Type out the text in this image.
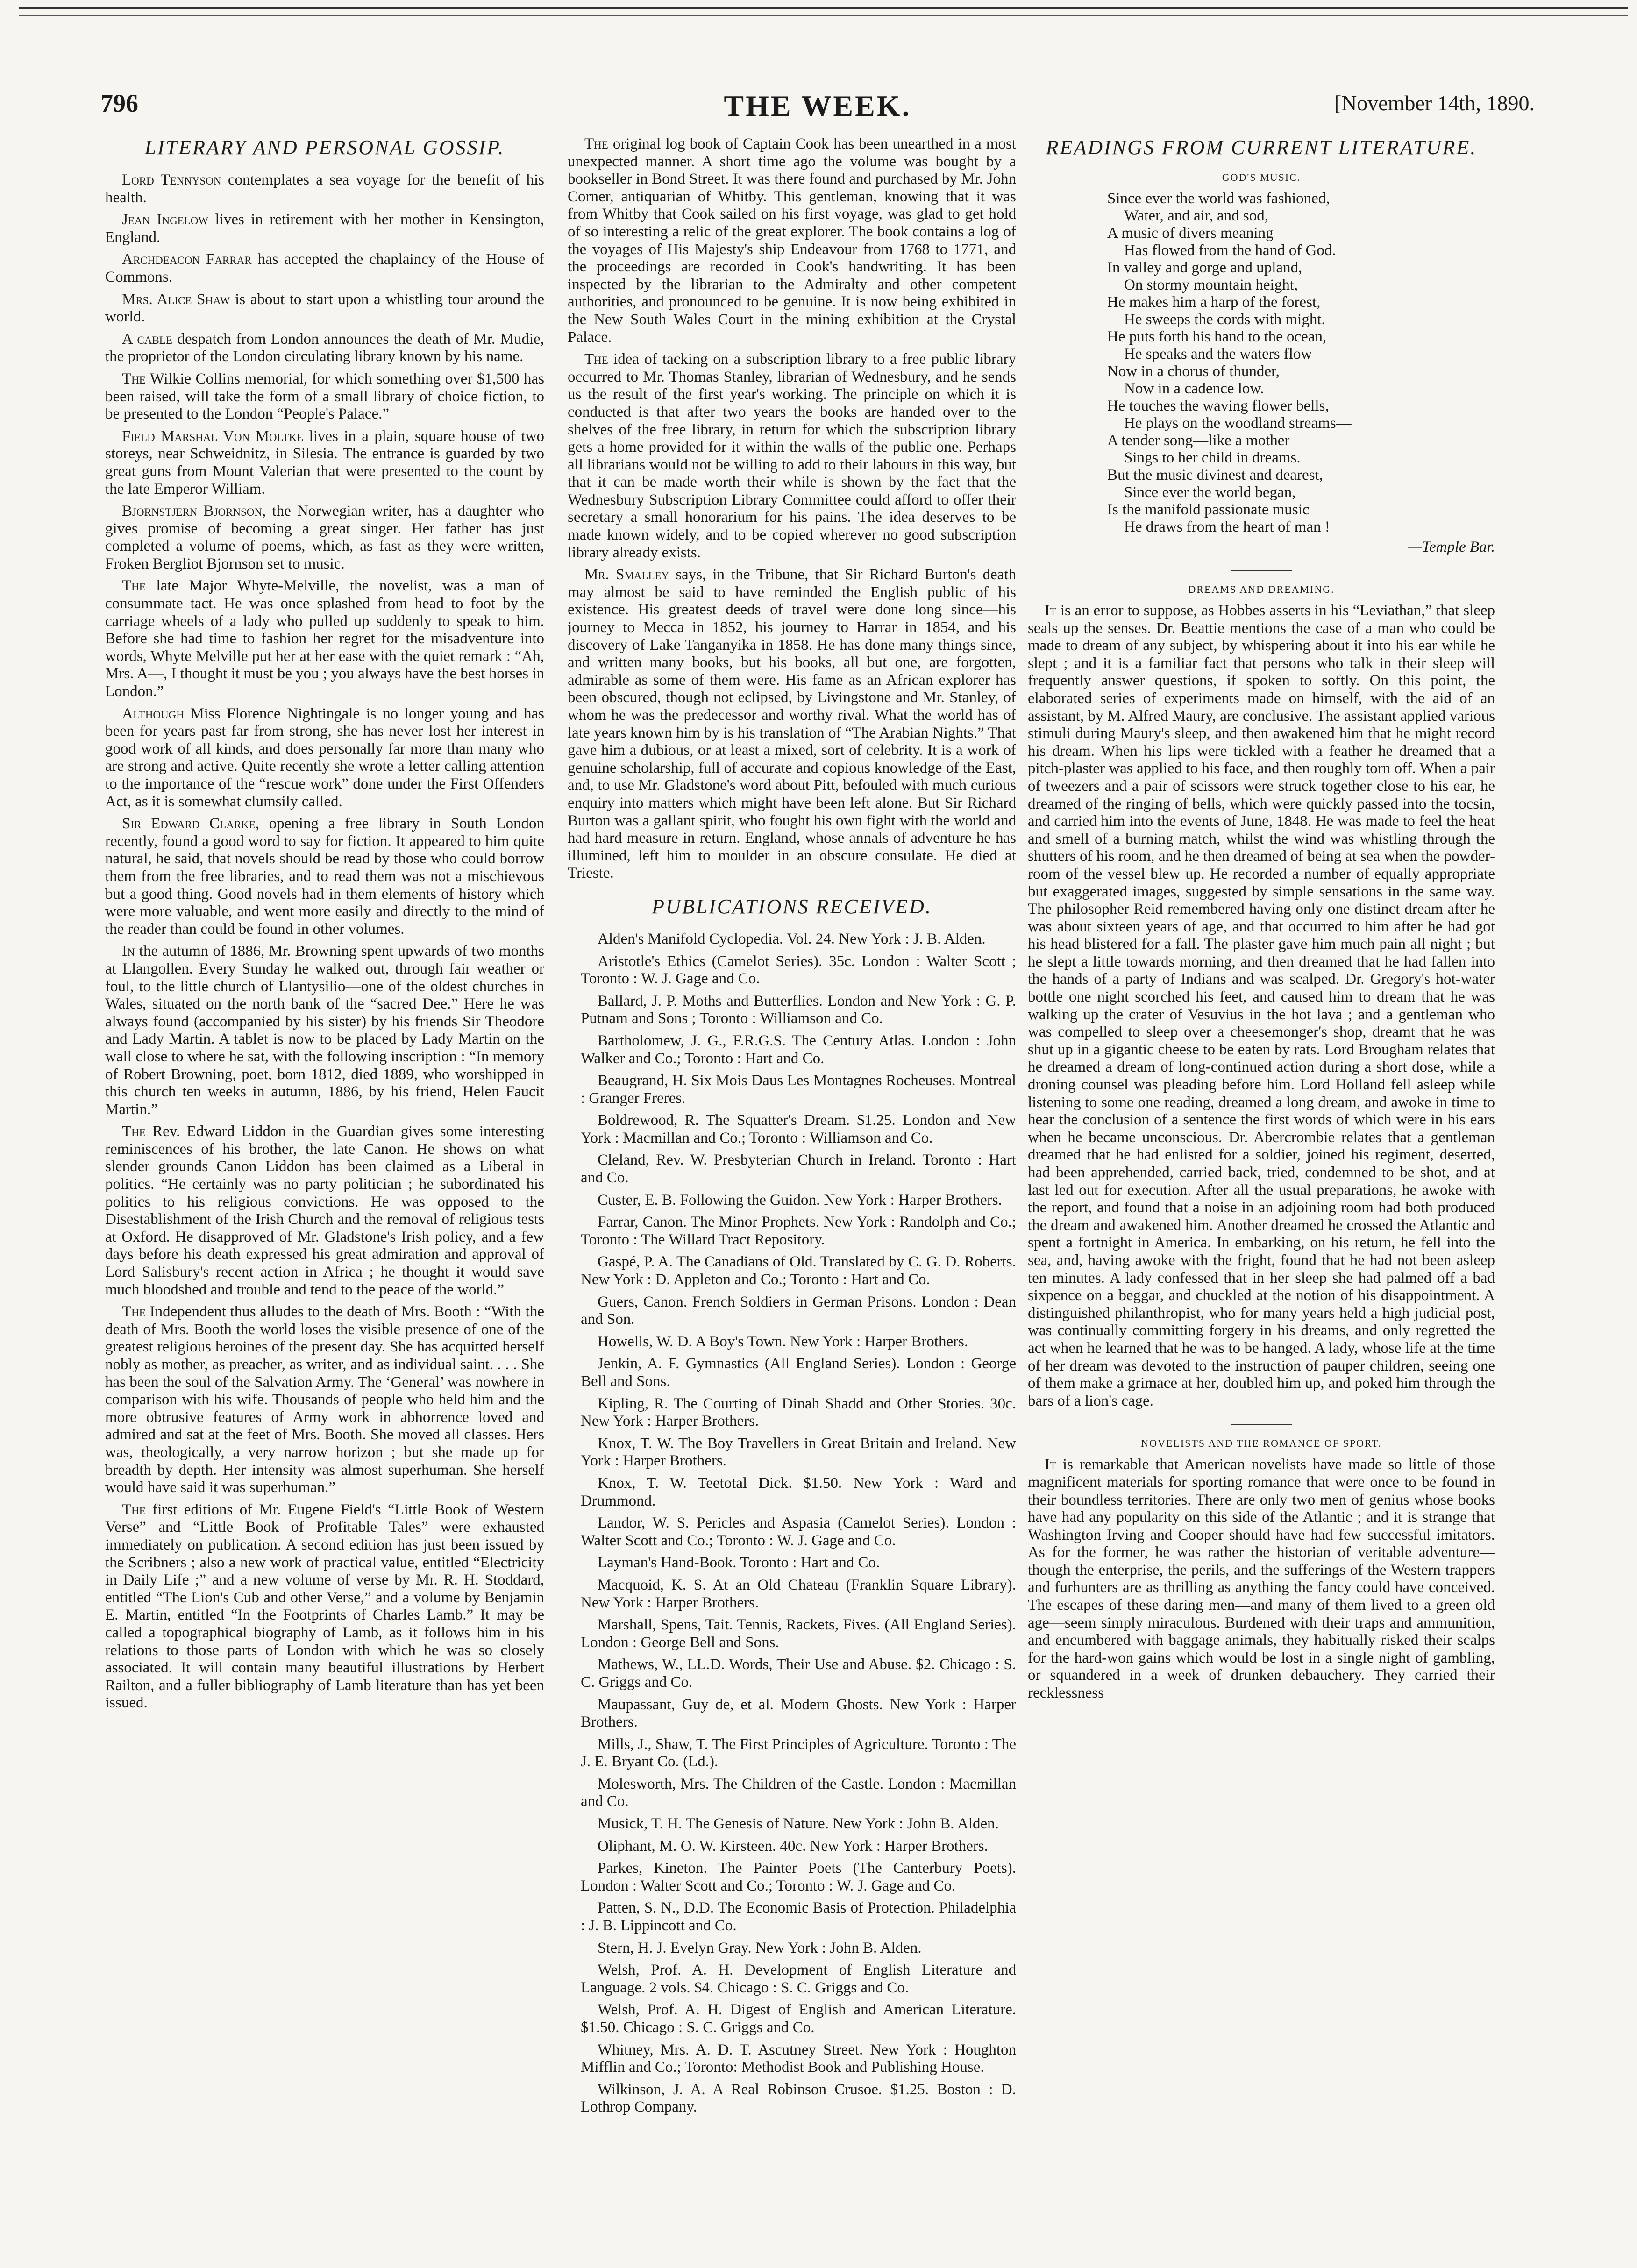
796	THE WEEK.	[November 14th, 1890.
LITERARY AND PERSONAL GOSSIP.

Lord Tennyson contemplates a sea voyage for the benefit of his health.

Jean Ingelow lives in retirement with her mother in Kensington, England.

Archdeacon Farrar has accepted the chaplaincy of the House of Commons.

Mrs. Alice Shaw is about to start upon a whistling tour around the world.

A cable despatch from London announces the death of Mr. Mudie, the proprietor of the London circulating library known by his name.

The Wilkie Collins memorial, for which something over $1,500 has been raised, will take the form of a small library of choice fiction, to be presented to the London “People's Palace.”

Field Marshal Von Moltke lives in a plain, square house of two storeys, near Schweidnitz, in Silesia. The entrance is guarded by two great guns from Mount Valerian that were presented to the count by the late Emperor William.

Bjornstjern Bjornson, the Norwegian writer, has a daughter who gives promise of becoming a great singer. Her father has just completed a volume of poems, which, as fast as they were written, Froken Bergliot Bjornson set to music.

The late Major Whyte-Melville, the novelist, was a man of consummate tact. He was once splashed from head to foot by the carriage wheels of a lady who pulled up suddenly to speak to him. Before she had time to fashion her regret for the misadventure into words, Whyte Melville put her at her ease with the quiet remark : “Ah, Mrs. A—, I thought it must be you ; you always have the best horses in London.”

Although Miss Florence Nightingale is no longer young and has been for years past far from strong, she has never lost her interest in good work of all kinds, and does personally far more than many who are strong and active. Quite recently she wrote a letter calling attention to the importance of the “rescue work” done under the First Offenders Act, as it is somewhat clumsily called.

Sir Edward Clarke, opening a free library in South London recently, found a good word to say for fiction. It appeared to him quite natural, he said, that novels should be read by those who could borrow them from the free libraries, and to read them was not a mischievous but a good thing. Good novels had in them elements of history which were more valuable, and went more easily and directly to the mind of the reader than could be found in other volumes.

In the autumn of 1886, Mr. Browning spent upwards of two months at Llangollen. Every Sunday he walked out, through fair weather or foul, to the little church of Llantysilio—one of the oldest churches in Wales, situated on the north bank of the “sacred Dee.” Here he was always found (accompanied by his sister) by his friends Sir Theodore and Lady Martin. A tablet is now to be placed by Lady Martin on the wall close to where he sat, with the following inscription : “In memory of Robert Browning, poet, born 1812, died 1889, who worshipped in this church ten weeks in autumn, 1886, by his friend, Helen Faucit Martin.”

The Rev. Edward Liddon in the Guardian gives some interesting reminiscences of his brother, the late Canon. He shows on what slender grounds Canon Liddon has been claimed as a Liberal in politics. “He certainly was no party politician ; he subordinated his politics to his religious convictions. He was opposed to the Disestablishment of the Irish Church and the removal of religious tests at Oxford. He disapproved of Mr. Gladstone's Irish policy, and a few days before his death expressed his great admiration and approval of Lord Salisbury's recent action in Africa ; he thought it would save much bloodshed and trouble and tend to the peace of the world.”

The Independent thus alludes to the death of Mrs. Booth : “With the death of Mrs. Booth the world loses the visible presence of one of the greatest religious heroines of the present day. She has acquitted herself nobly as mother, as preacher, as writer, and as individual saint. . . . She has been the soul of the Salvation Army. The ‘General’ was nowhere in comparison with his wife. Thousands of people who held him and the more obtrusive features of Army work in abhorrence loved and admired and sat at the feet of Mrs. Booth. She moved all classes. Hers was, theologically, a very narrow horizon ; but she made up for breadth by depth. Her intensity was almost superhuman. She herself would have said it was superhuman.”

The first editions of Mr. Eugene Field's “Little Book of Western Verse” and “Little Book of Profitable Tales” were exhausted immediately on publication. A second edition has just been issued by the Scribners ; also a new work of practical value, entitled “Electricity in Daily Life ;” and a new volume of verse by Mr. R. H. Stoddard, entitled “The Lion's Cub and other Verse,” and a volume by Benjamin E. Martin, entitled “In the Footprints of Charles Lamb.” It may be called a topographical biography of Lamb, as it follows him in his relations to those parts of London with which he was so closely associated. It will contain many beautiful illustrations by Herbert Railton, and a fuller bibliography of Lamb literature than has yet been issued.

The original log book of Captain Cook has been unearthed in a most unexpected manner. A short time ago the volume was bought by a bookseller in Bond Street. It was there found and purchased by Mr. John Corner, antiquarian of Whitby. This gentleman, knowing that it was from Whitby that Cook sailed on his first voyage, was glad to get hold of so interesting a relic of the great explorer. The book contains a log of the voyages of His Majesty's ship Endeavour from 1768 to 1771, and the proceedings are recorded in Cook's handwriting. It has been inspected by the librarian to the Admiralty and other competent authorities, and pronounced to be genuine. It is now being exhibited in the New South Wales Court in the mining exhibition at the Crystal Palace.

The idea of tacking on a subscription library to a free public library occurred to Mr. Thomas Stanley, librarian of Wednesbury, and he sends us the result of the first year's working. The principle on which it is conducted is that after two years the books are handed over to the shelves of the free library, in return for which the subscription library gets a home provided for it within the walls of the public one. Perhaps all librarians would not be willing to add to their labours in this way, but that it can be made worth their while is shown by the fact that the Wednesbury Subscription Library Committee could afford to offer their secretary a small honorarium for his pains. The idea deserves to be made known widely, and to be copied wherever no good subscription library already exists.

Mr. Smalley says, in the Tribune, that Sir Richard Burton's death may almost be said to have reminded the English public of his existence. His greatest deeds of travel were done long since—his journey to Mecca in 1852, his journey to Harrar in 1854, and his discovery of Lake Tanganyika in 1858. He has done many things since, and written many books, but his books, all but one, are forgotten, admirable as some of them were. His fame as an African explorer has been obscured, though not eclipsed, by Livingstone and Mr. Stanley, of whom he was the predecessor and worthy rival. What the world has of late years known him by is his translation of “The Arabian Nights.” That gave him a dubious, or at least a mixed, sort of celebrity. It is a work of genuine scholarship, full of accurate and copious knowledge of the East, and, to use Mr. Gladstone's word about Pitt, befouled with much curious enquiry into matters which might have been left alone. But Sir Richard Burton was a gallant spirit, who fought his own fight with the world and had hard measure in return. England, whose annals of adventure he has illumined, left him to moulder in an obscure consulate. He died at Trieste.

PUBLICATIONS RECEIVED.

Alden's Manifold Cyclopedia. Vol. 24. New York : J. B. Alden.

Aristotle's Ethics (Camelot Series). 35c. London : Walter Scott ; Toronto : W. J. Gage and Co.

Ballard, J. P. Moths and Butterflies. London and New York : G. P. Putnam and Sons ; Toronto : Williamson and Co.

Bartholomew, J. G., F.R.G.S. The Century Atlas. London : John Walker and Co.; Toronto : Hart and Co.

Beaugrand, H. Six Mois Daus Les Montagnes Rocheuses. Montreal : Granger Freres.

Boldrewood, R. The Squatter's Dream. $1.25. London and New York : Macmillan and Co.; Toronto : Williamson and Co.

Cleland, Rev. W. Presbyterian Church in Ireland. Toronto : Hart and Co.

Custer, E. B. Following the Guidon. New York : Harper Brothers.

Farrar, Canon. The Minor Prophets. New York : Randolph and Co.; Toronto : The Willard Tract Repository.

Gaspé, P. A. The Canadians of Old. Translated by C. G. D. Roberts. New York : D. Appleton and Co.; Toronto : Hart and Co.

Guers, Canon. French Soldiers in German Prisons. London : Dean and Son.

Howells, W. D. A Boy's Town. New York : Harper Brothers.

Jenkin, A. F. Gymnastics (All England Series). London : George Bell and Sons.

Kipling, R. The Courting of Dinah Shadd and Other Stories. 30c. New York : Harper Brothers.

Knox, T. W. The Boy Travellers in Great Britain and Ireland. New York : Harper Brothers.

Knox, T. W. Teetotal Dick. $1.50. New York : Ward and Drummond.

Landor, W. S. Pericles and Aspasia (Camelot Series). London : Walter Scott and Co.; Toronto : W. J. Gage and Co.

Layman's Hand-Book. Toronto : Hart and Co.

Macquoid, K. S. At an Old Chateau (Franklin Square Library). New York : Harper Brothers.

Marshall, Spens, Tait. Tennis, Rackets, Fives. (All England Series). London : George Bell and Sons.

Mathews, W., LL.D. Words, Their Use and Abuse. $2. Chicago : S. C. Griggs and Co.

Maupassant, Guy de, et al. Modern Ghosts. New York : Harper Brothers.

Mills, J., Shaw, T. The First Principles of Agriculture. Toronto : The J. E. Bryant Co. (Ld.).

Molesworth, Mrs. The Children of the Castle. London : Macmillan and Co.

Musick, T. H. The Genesis of Nature. New York : John B. Alden.

Oliphant, M. O. W. Kirsteen. 40c. New York : Harper Brothers.

Parkes, Kineton. The Painter Poets (The Canterbury Poets). London : Walter Scott and Co.; Toronto : W. J. Gage and Co.

Patten, S. N., D.D. The Economic Basis of Protection. Philadelphia : J. B. Lippincott and Co.

Stern, H. J. Evelyn Gray. New York : John B. Alden.

Welsh, Prof. A. H. Development of English Literature and Language. 2 vols. $4. Chicago : S. C. Griggs and Co.

Welsh, Prof. A. H. Digest of English and American Literature. $1.50. Chicago : S. C. Griggs and Co.

Whitney, Mrs. A. D. T. Ascutney Street. New York : Houghton Mifflin and Co.; Toronto: Methodist Book and Publishing House.

Wilkinson, J. A. A Real Robinson Crusoe. $1.25. Boston : D. Lothrop Company.

READINGS FROM CURRENT LITERATURE.
GOD'S MUSIC.
Since ever the world was fashioned,
Water, and air, and sod,
A music of divers meaning
Has flowed from the hand of God.
In valley and gorge and upland,
On stormy mountain height,
He makes him a harp of the forest,
He sweeps the cords with might.
He puts forth his hand to the ocean,
He speaks and the waters flow—
Now in a chorus of thunder,
Now in a cadence low.
He touches the waving flower bells,
He plays on the woodland streams—
A tender song—like a mother
Sings to her child in dreams.
But the music divinest and dearest,
Since ever the world began,
Is the manifold passionate music
He draws from the heart of man !
—Temple Bar.
DREAMS AND DREAMING.

It is an error to suppose, as Hobbes asserts in his “Leviathan,” that sleep seals up the senses. Dr. Beattie mentions the case of a man who could be made to dream of any subject, by whispering about it into his ear while he slept ; and it is a familiar fact that persons who talk in their sleep will frequently answer questions, if spoken to softly. On this point, the elaborated series of experiments made on himself, with the aid of an assistant, by M. Alfred Maury, are conclusive. The assistant applied various stimuli during Maury's sleep, and then awakened him that he might record his dream. When his lips were tickled with a feather he dreamed that a pitch-plaster was applied to his face, and then roughly torn off. When a pair of tweezers and a pair of scissors were struck together close to his ear, he dreamed of the ringing of bells, which were quickly passed into the tocsin, and carried him into the events of June, 1848. He was made to feel the heat and smell of a burning match, whilst the wind was whistling through the shutters of his room, and he then dreamed of being at sea when the powder-room of the vessel blew up. He recorded a number of equally appropriate but exaggerated images, suggested by simple sensations in the same way. The philosopher Reid remembered having only one distinct dream after he was about sixteen years of age, and that occurred to him after he had got his head blistered for a fall. The plaster gave him much pain all night ; but he slept a little towards morning, and then dreamed that he had fallen into the hands of a party of Indians and was scalped. Dr. Gregory's hot-water bottle one night scorched his feet, and caused him to dream that he was walking up the crater of Vesuvius in the hot lava ; and a gentleman who was compelled to sleep over a cheesemonger's shop, dreamt that he was shut up in a gigantic cheese to be eaten by rats. Lord Brougham relates that he dreamed a dream of long-continued action during a short dose, while a droning counsel was pleading before him. Lord Holland fell asleep while listening to some one reading, dreamed a long dream, and awoke in time to hear the conclusion of a sentence the first words of which were in his ears when he became unconscious. Dr. Abercrombie relates that a gentleman dreamed that he had enlisted for a soldier, joined his regiment, deserted, had been apprehended, carried back, tried, condemned to be shot, and at last led out for execution. After all the usual preparations, he awoke with the report, and found that a noise in an adjoining room had both produced the dream and awakened him. Another dreamed he crossed the Atlantic and spent a fortnight in America. In embarking, on his return, he fell into the sea, and, having awoke with the fright, found that he had not been asleep ten minutes. A lady confessed that in her sleep she had palmed off a bad sixpence on a beggar, and chuckled at the notion of his disappointment. A distinguished philanthropist, who for many years held a high judicial post, was continually committing forgery in his dreams, and only regretted the act when he learned that he was to be hanged. A lady, whose life at the time of her dream was devoted to the instruction of pauper children, seeing one of them make a grimace at her, doubled him up, and poked him through the bars of a lion's cage.

NOVELISTS AND THE ROMANCE OF SPORT.

It is remarkable that American novelists have made so little of those magnificent materials for sporting romance that were once to be found in their boundless territories. There are only two men of genius whose books have had any popularity on this side of the Atlantic ; and it is strange that Washington Irving and Cooper should have had few successful imitators. As for the former, he was rather the historian of veritable adventure—though the enterprise, the perils, and the sufferings of the Western trappers and furhunters are as thrilling as anything the fancy could have conceived. The escapes of these daring men—and many of them lived to a green old age—seem simply miraculous. Burdened with their traps and ammunition, and encumbered with baggage animals, they habitually risked their scalps for the hard-won gains which would be lost in a single night of gambling, or squandered in a week of drunken debauchery. They carried their recklessness
